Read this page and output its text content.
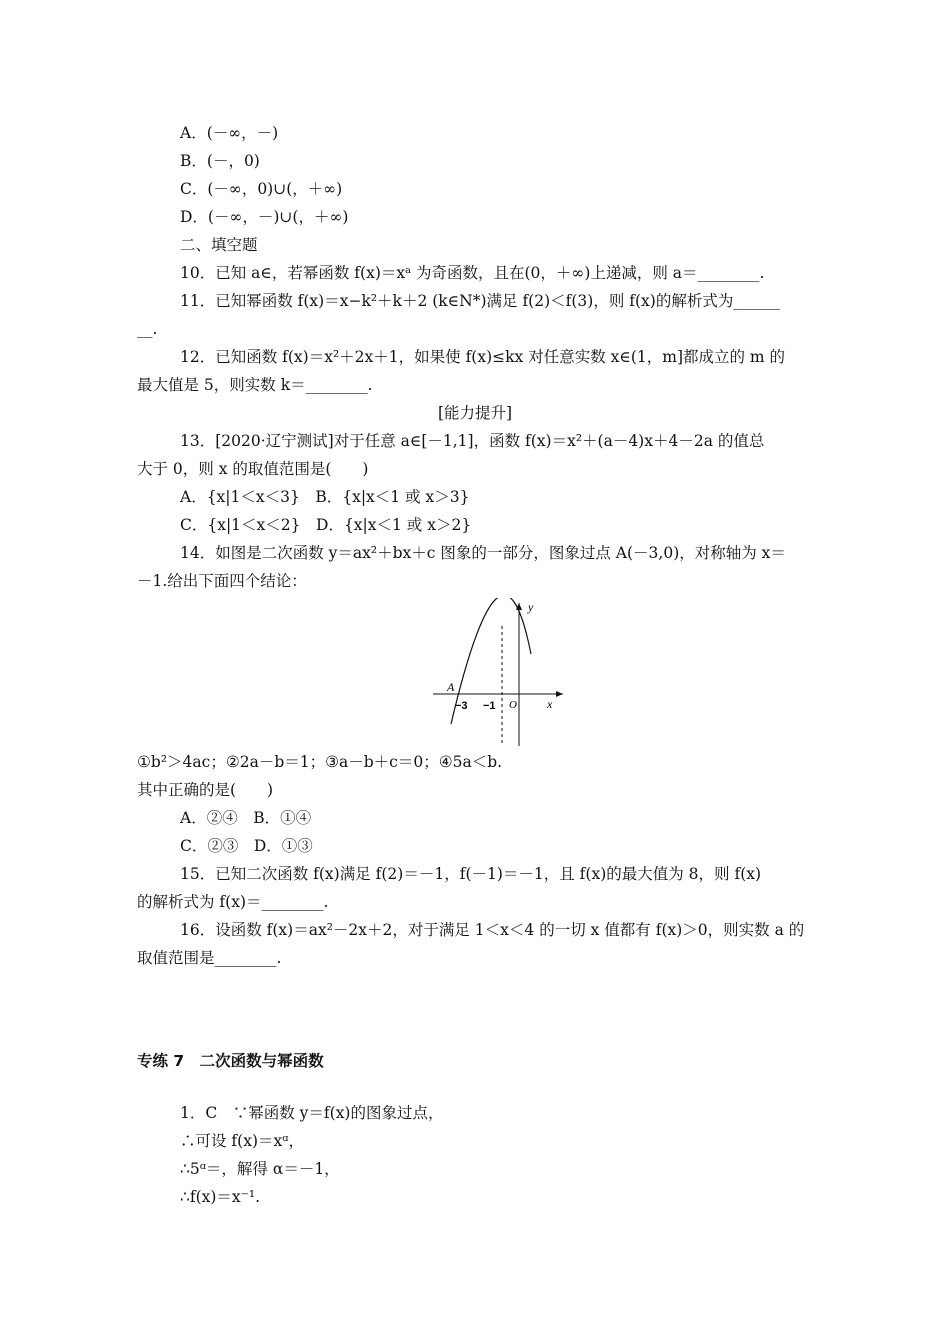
A．(－∞，－)
B．(－，0)
C．(－∞，0)∪(，＋∞)
D．(－∞，－)∪(，＋∞)
二、填空题
10．已知 a∈，若幂函数 f(x)＝xᵃ 为奇函数，且在(0，＋∞)上递减，则 a＝________.
11．已知幂函数 f(x)＝x−k²＋k＋2 (k∈N*)满足 f(2)＜f(3)，则 f(x)的解析式为______
__.
12．已知函数 f(x)＝x²＋2x＋1，如果使 f(x)≤kx 对任意实数 x∈(1，m]都成立的 m 的
最大值是 5，则实数 k＝________.
[能力提升]
13．[2020·辽宁测试]对于任意 a∈[－1,1]，函数 f(x)＝x²＋(a－4)x＋4－2a 的值总
大于 0，则 x 的取值范围是(　　)
A．{x|1＜x＜3}　B．{x|x＜1 或 x＞3}
C．{x|1＜x＜2}　D．{x|x＜1 或 x＞2}
14．如图是二次函数 y＝ax²＋bx＋c 图象的一部分，图象过点 A(－3,0)，对称轴为 x＝
－1.给出下面四个结论：
y
x
A
−3 −1 O
①b²＞4ac；②2a－b＝1；③a－b＋c＝0；④5a＜b.
其中正确的是(　　)
A．②④　B．①④
C．②③　D．①③
15．已知二次函数 f(x)满足 f(2)＝－1，f(－1)＝－1，且 f(x)的最大值为 8，则 f(x)
的解析式为 f(x)＝________.
16．设函数 f(x)＝ax²－2x＋2，对于满足 1＜x＜4 的一切 x 值都有 f(x)＞0，则实数 a 的
取值范围是________.
专练 7　二次函数与幂函数
1．C　∵幂函数 y＝f(x)的图象过点，
∴可设 f(x)＝xᵅ，
∴5ᵅ＝，解得 α＝－1，
∴f(x)＝x⁻¹.
